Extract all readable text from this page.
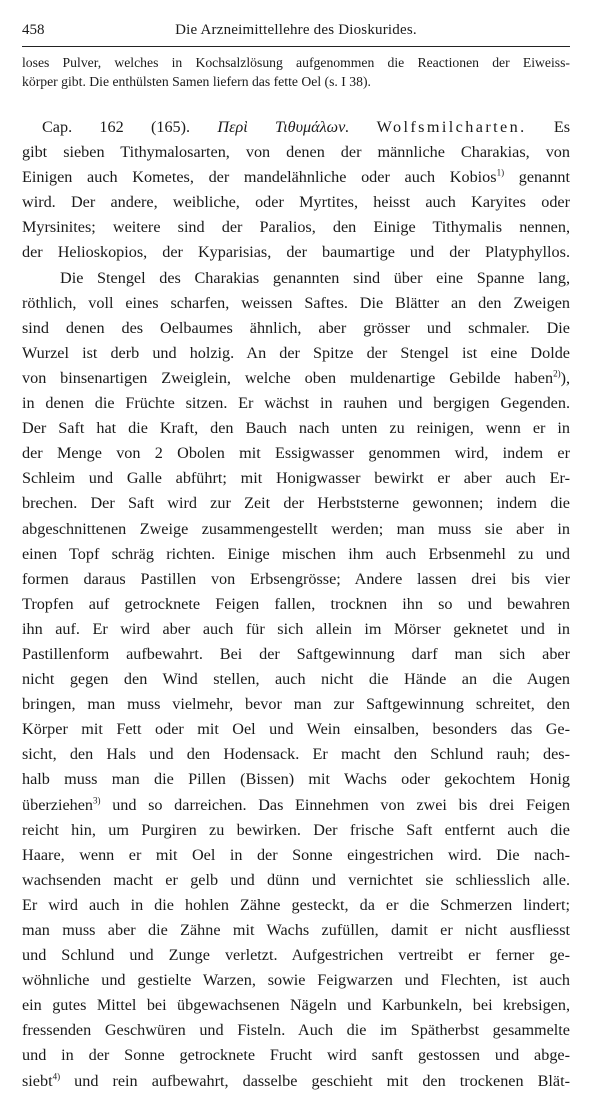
458	Die Arzneimittellehre des Dioskurides.
loses Pulver, welches in Kochsalzlösung aufgenommen die Reactionen der Eiweiss-
körper gibt. Die enthülsten Samen liefern das fette Oel (s. I 38).
Cap. 162 (165). Περὶ Τιθυμάλων. Wolfsmilcharten. Es
gibt sieben Tithymalosarten, von denen der männliche Charakias, von
Einigen auch Kometes, der mandelähnliche oder auch Kobios$^{1)}$ genannt
wird. Der andere, weibliche, oder Myrtites, heisst auch Karyites oder
Myrsinites; weitere sind der Paralios, den Einige Tithymalis nennen,
der Helioskopios, der Kyparisias, der baumartige und der Platyphyllos.
Die Stengel des Charakias genannten sind über eine Spanne lang,
röthlich, voll eines scharfen, weissen Saftes. Die Blätter an den Zweigen
sind denen des Oelbaumes ähnlich, aber grösser und schmaler. Die
Wurzel ist derb und holzig. An der Spitze der Stengel ist eine Dolde
von binsenartigen Zweiglein, welche oben muldenartige Gebilde haben$^{2)}$),
in denen die Früchte sitzen. Er wächst in rauhen und bergigen Gegenden.
Der Saft hat die Kraft, den Bauch nach unten zu reinigen, wenn er in
der Menge von 2 Obolen mit Essigwasser genommen wird, indem er
Schleim und Galle abführt; mit Honigwasser bewirkt er aber auch Er-
brechen. Der Saft wird zur Zeit der Herbststerne gewonnen; indem die
abgeschnittenen Zweige zusammengestellt werden; man muss sie aber in
einen Topf schräg richten. Einige mischen ihm auch Erbsenmehl zu und
formen daraus Pastillen von Erbsengrösse; Andere lassen drei bis vier
Tropfen auf getrocknete Feigen fallen, trocknen ihn so und bewahren
ihn auf. Er wird aber auch für sich allein im Mörser geknetet und in
Pastillenform aufbewahrt. Bei der Saftgewinnung darf man sich aber
nicht gegen den Wind stellen, auch nicht die Hände an die Augen
bringen, man muss vielmehr, bevor man zur Saftgewinnung schreitet, den
Körper mit Fett oder mit Oel und Wein einsalben, besonders das Ge-
sicht, den Hals und den Hodensack. Er macht den Schlund rauh; des-
halb muss man die Pillen (Bissen) mit Wachs oder gekochtem Honig
überziehen$^{3)}$ und so darreichen. Das Einnehmen von zwei bis drei Feigen
reicht hin, um Purgiren zu bewirken. Der frische Saft entfernt auch die
Haare, wenn er mit Oel in der Sonne eingestrichen wird. Die nach-
wachsenden macht er gelb und dünn und vernichtet sie schliesslich alle.
Er wird auch in die hohlen Zähne gesteckt, da er die Schmerzen lindert;
man muss aber die Zähne mit Wachs zufüllen, damit er nicht ausfliesst
und Schlund und Zunge verletzt. Aufgestrichen vertreibt er ferner ge-
wöhnliche und gestielte Warzen, sowie Feigwarzen und Flechten, ist auch
ein gutes Mittel bei übgewachsenen Nägeln und Karbunkeln, bei krebsigen,
fressenden Geschwüren und Fisteln. Auch die im Spätherbst gesammelte
und in der Sonne getrocknete Frucht wird sanft gestossen und abge-
siebt$^{4)}$ und rein aufbewahrt, dasselbe geschieht mit den trockenen Blät-
